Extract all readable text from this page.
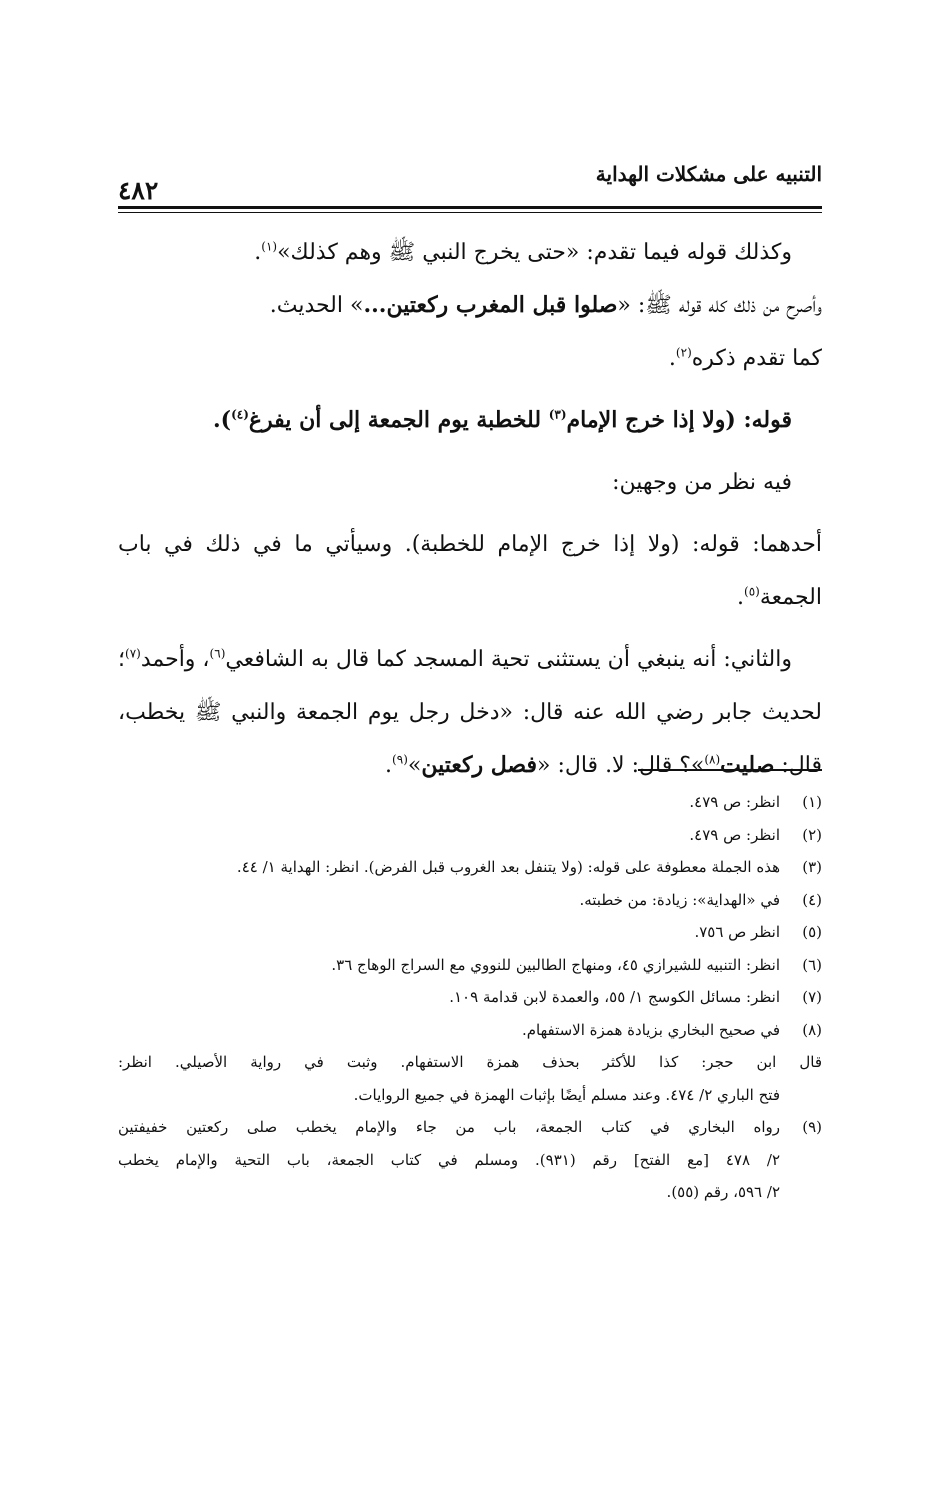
التنبيه على مشكلات الهداية
٤٨٢

وكذلك قوله فيما تقدم: «حتى يخرج النبي ﷺ وهم كذلك»$^{(١)}$.

وأصرح من ذلك كله قوله ﷺ: «صلوا قبل المغرب ركعتين...» الحديث.
كما تقدم ذكره$^{(٢)}$.

قوله: (ولا إذا خرج الإمام$^{(٣)}$ للخطبة يوم الجمعة إلى أن يفرغ$^{(٤)}$).

فيه نظر من وجهين:

أحدهما: قوله: (ولا إذا خرج الإمام للخطبة). وسيأتي ما في ذلك في باب الجمعة$^{(٥)}$.

والثاني: أنه ينبغي أن يستثنى تحية المسجد كما قال به الشافعي$^{(٦)}$، وأحمد$^{(٧)}$؛ لحديث جابر رضي الله عنه قال: «دخل رجل يوم الجمعة والنبي ﷺ يخطب، قال: صليت$^{(٨)}$»؟ قال: لا. قال: «فصل ركعتين»$^{(٩)}$.

(١)
انظر: ص ٤٧٩.
(٢)
انظر: ص ٤٧٩.
(٣)
هذه الجملة معطوفة على قوله: (ولا يتنفل بعد الغروب قبل الفرض). انظر: الهداية ١/ ٤٤.
(٤)
في «الهداية»: زيادة: من خطبته.
(٥)
انظر ص ٧٥٦.
(٦)
انظر: التنبيه للشيرازي ٤٥، ومنهاج الطالبين للنووي مع السراج الوهاج ٣٦.
(٧)
انظر: مسائل الكوسج ١/ ٥٥، والعمدة لابن قدامة ١٠٩.
(٨)
في صحيح البخاري بزيادة همزة الاستفهام.
قال ابن حجر: كذا للأكثر بحذف همزة الاستفهام. وثبت في رواية الأصيلي. انظر:
فتح الباري ٢/ ٤٧٤. وعند مسلم أيضًا بإثبات الهمزة في جميع الروايات.
(٩)
رواه البخاري في كتاب الجمعة، باب من جاء والإمام يخطب صلى ركعتين خفيفتين
٢/ ٤٧٨ [مع الفتح] رقم (٩٣١). ومسلم في كتاب الجمعة، باب التحية والإمام يخطب
٢/ ٥٩٦، رقم (٥٥).
